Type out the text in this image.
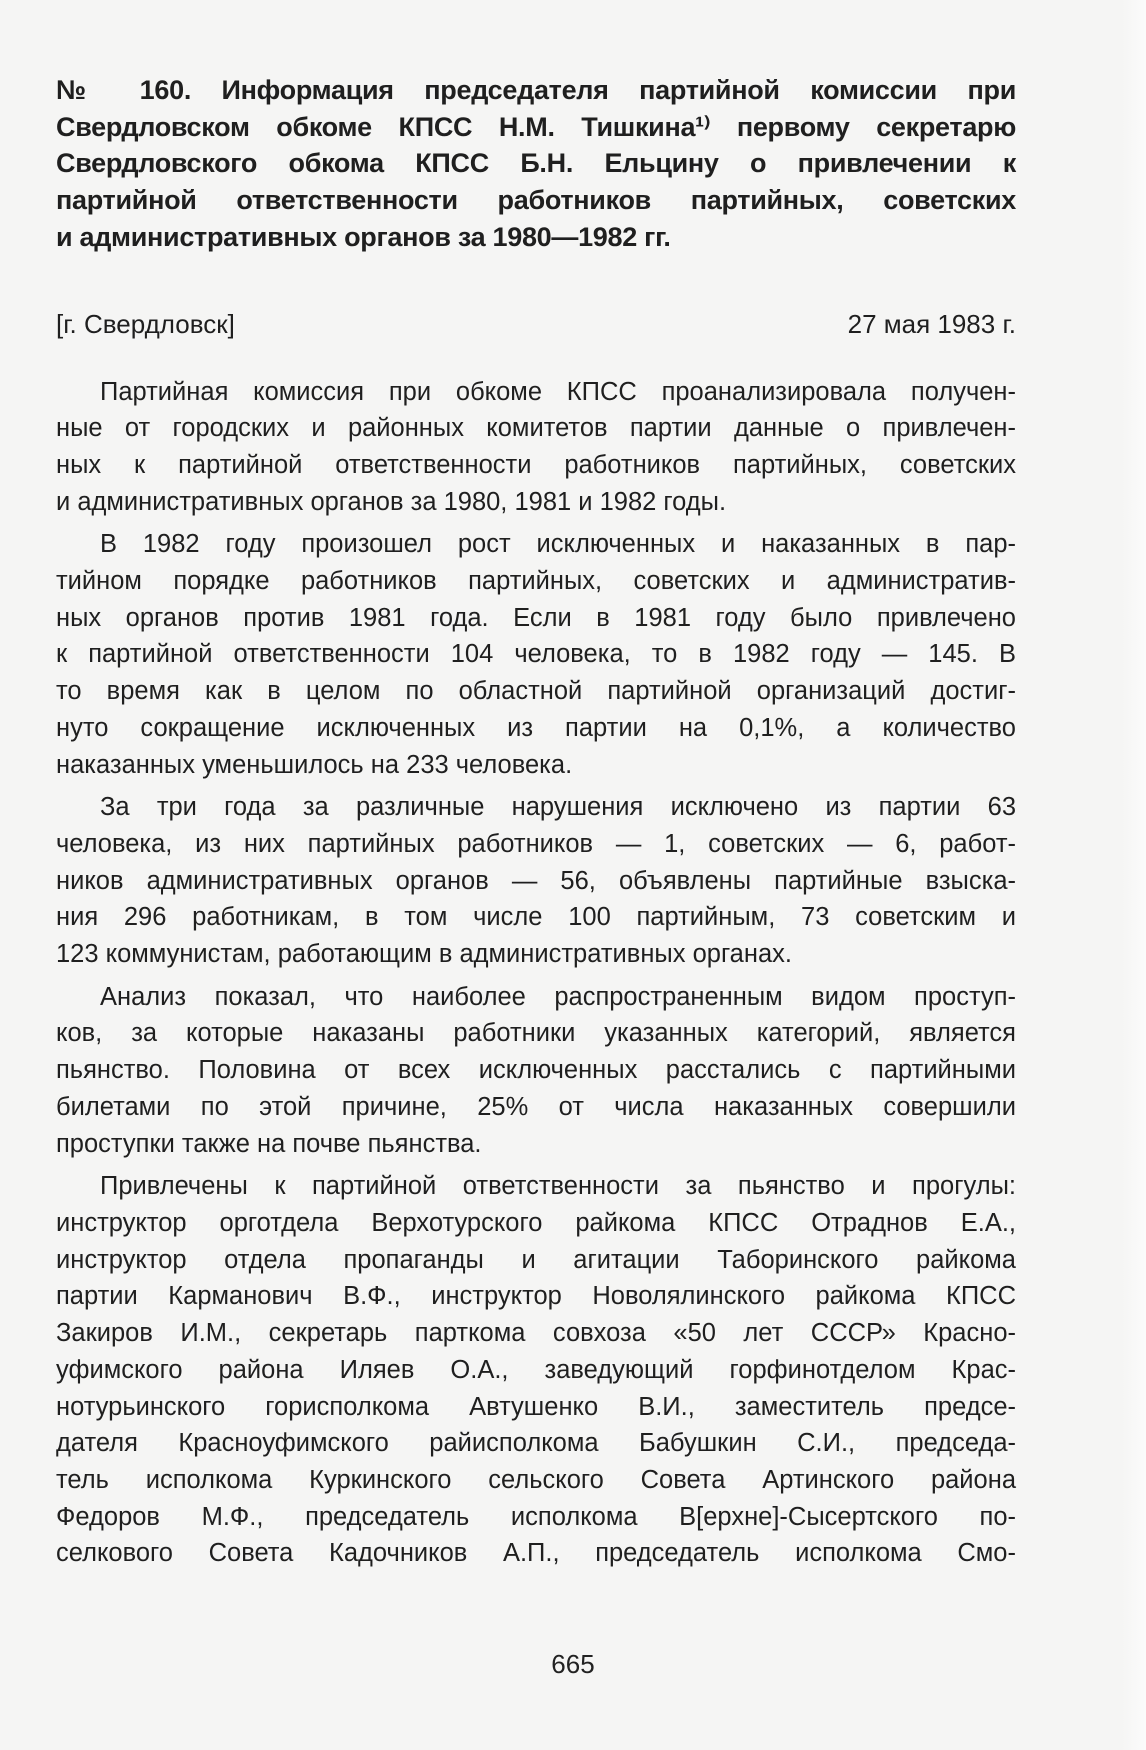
№ 160. Информация председателя партийной комиссии при
Свердловском обкоме КПСС Н.М. Тишкина¹⁾ первому секретарю
Свердловского обкома КПСС Б.Н. Ельцину о привлечении к
партийной ответственности работников партийных, советских
и административных органов за 1980—1982 гг.
[г. Свердловск]	27 мая 1983 г.
Партийная комиссия при обкоме КПСС проанализировала получен-
ные от городских и районных комитетов партии данные о привлечен-
ных к партийной ответственности работников партийных, советских
и административных органов за 1980, 1981 и 1982 годы.
В 1982 году произошел рост исключенных и наказанных в пар-
тийном порядке работников партийных, советских и административ-
ных органов против 1981 года. Если в 1981 году было привлечено
к партийной ответственности 104 человека, то в 1982 году — 145. В
то время как в целом по областной партийной организаций достиг-
нуто сокращение исключенных из партии на 0,1%, а количество
наказанных уменьшилось на 233 человека.
За три года за различные нарушения исключено из партии 63
человека, из них партийных работников — 1, советских — 6, работ-
ников административных органов — 56, объявлены партийные взыска-
ния 296 работникам, в том числе 100 партийным, 73 советским и
123 коммунистам, работающим в административных органах.
Анализ показал, что наиболее распространенным видом проступ-
ков, за которые наказаны работники указанных категорий, является
пьянство. Половина от всех исключенных расстались с партийными
билетами по этой причине, 25% от числа наказанных совершили
проступки также на почве пьянства.
Привлечены к партийной ответственности за пьянство и прогулы:
инструктор орготдела Верхотурского райкома КПСС Отраднов Е.А.,
инструктор отдела пропаганды и агитации Таборинского райкома
партии Карманович В.Ф., инструктор Новолялинского райкома КПСС
Закиров И.М., секретарь парткома совхоза «50 лет СССР» Красно-
уфимского района Иляев О.А., заведующий горфинотделом Крас-
нотурьинского горисполкома Автушенко В.И., заместитель предсе-
дателя Красноуфимского райисполкома Бабушкин С.И., председа-
тель исполкома Куркинского сельского Совета Артинского района
Федоров М.Ф., председатель исполкома В[ерхне]-Сысертского по-
селкового Совета Кадочников А.П., председатель исполкома Смо-
665
